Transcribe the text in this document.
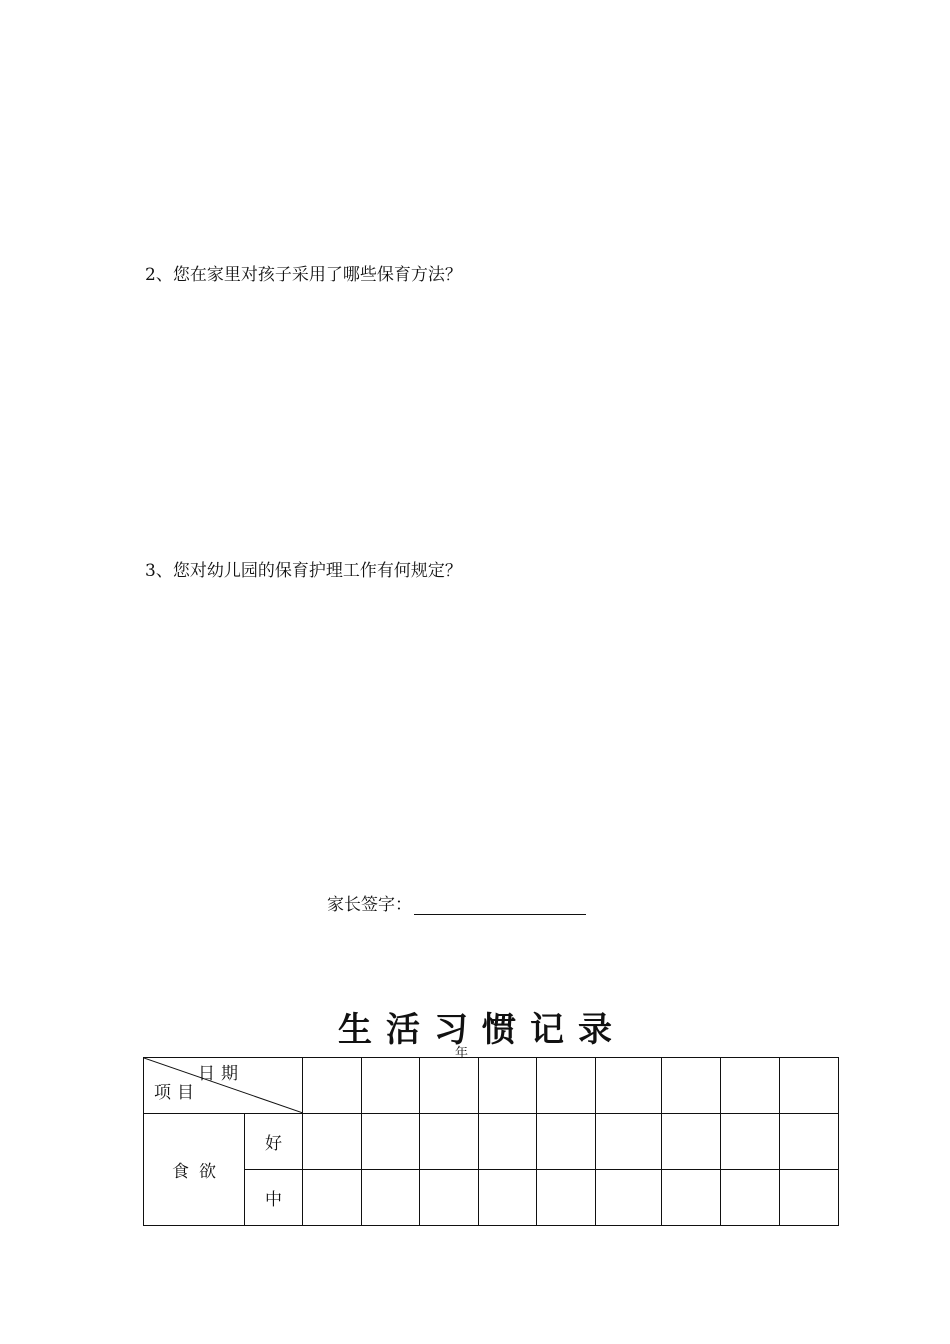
2、您在家里对孩子采用了哪些保育方法？
3、您对幼儿园的保育护理工作有何规定？
家长签字：
生活习惯记录
年
日期
项目										

食欲	好									
	中									
